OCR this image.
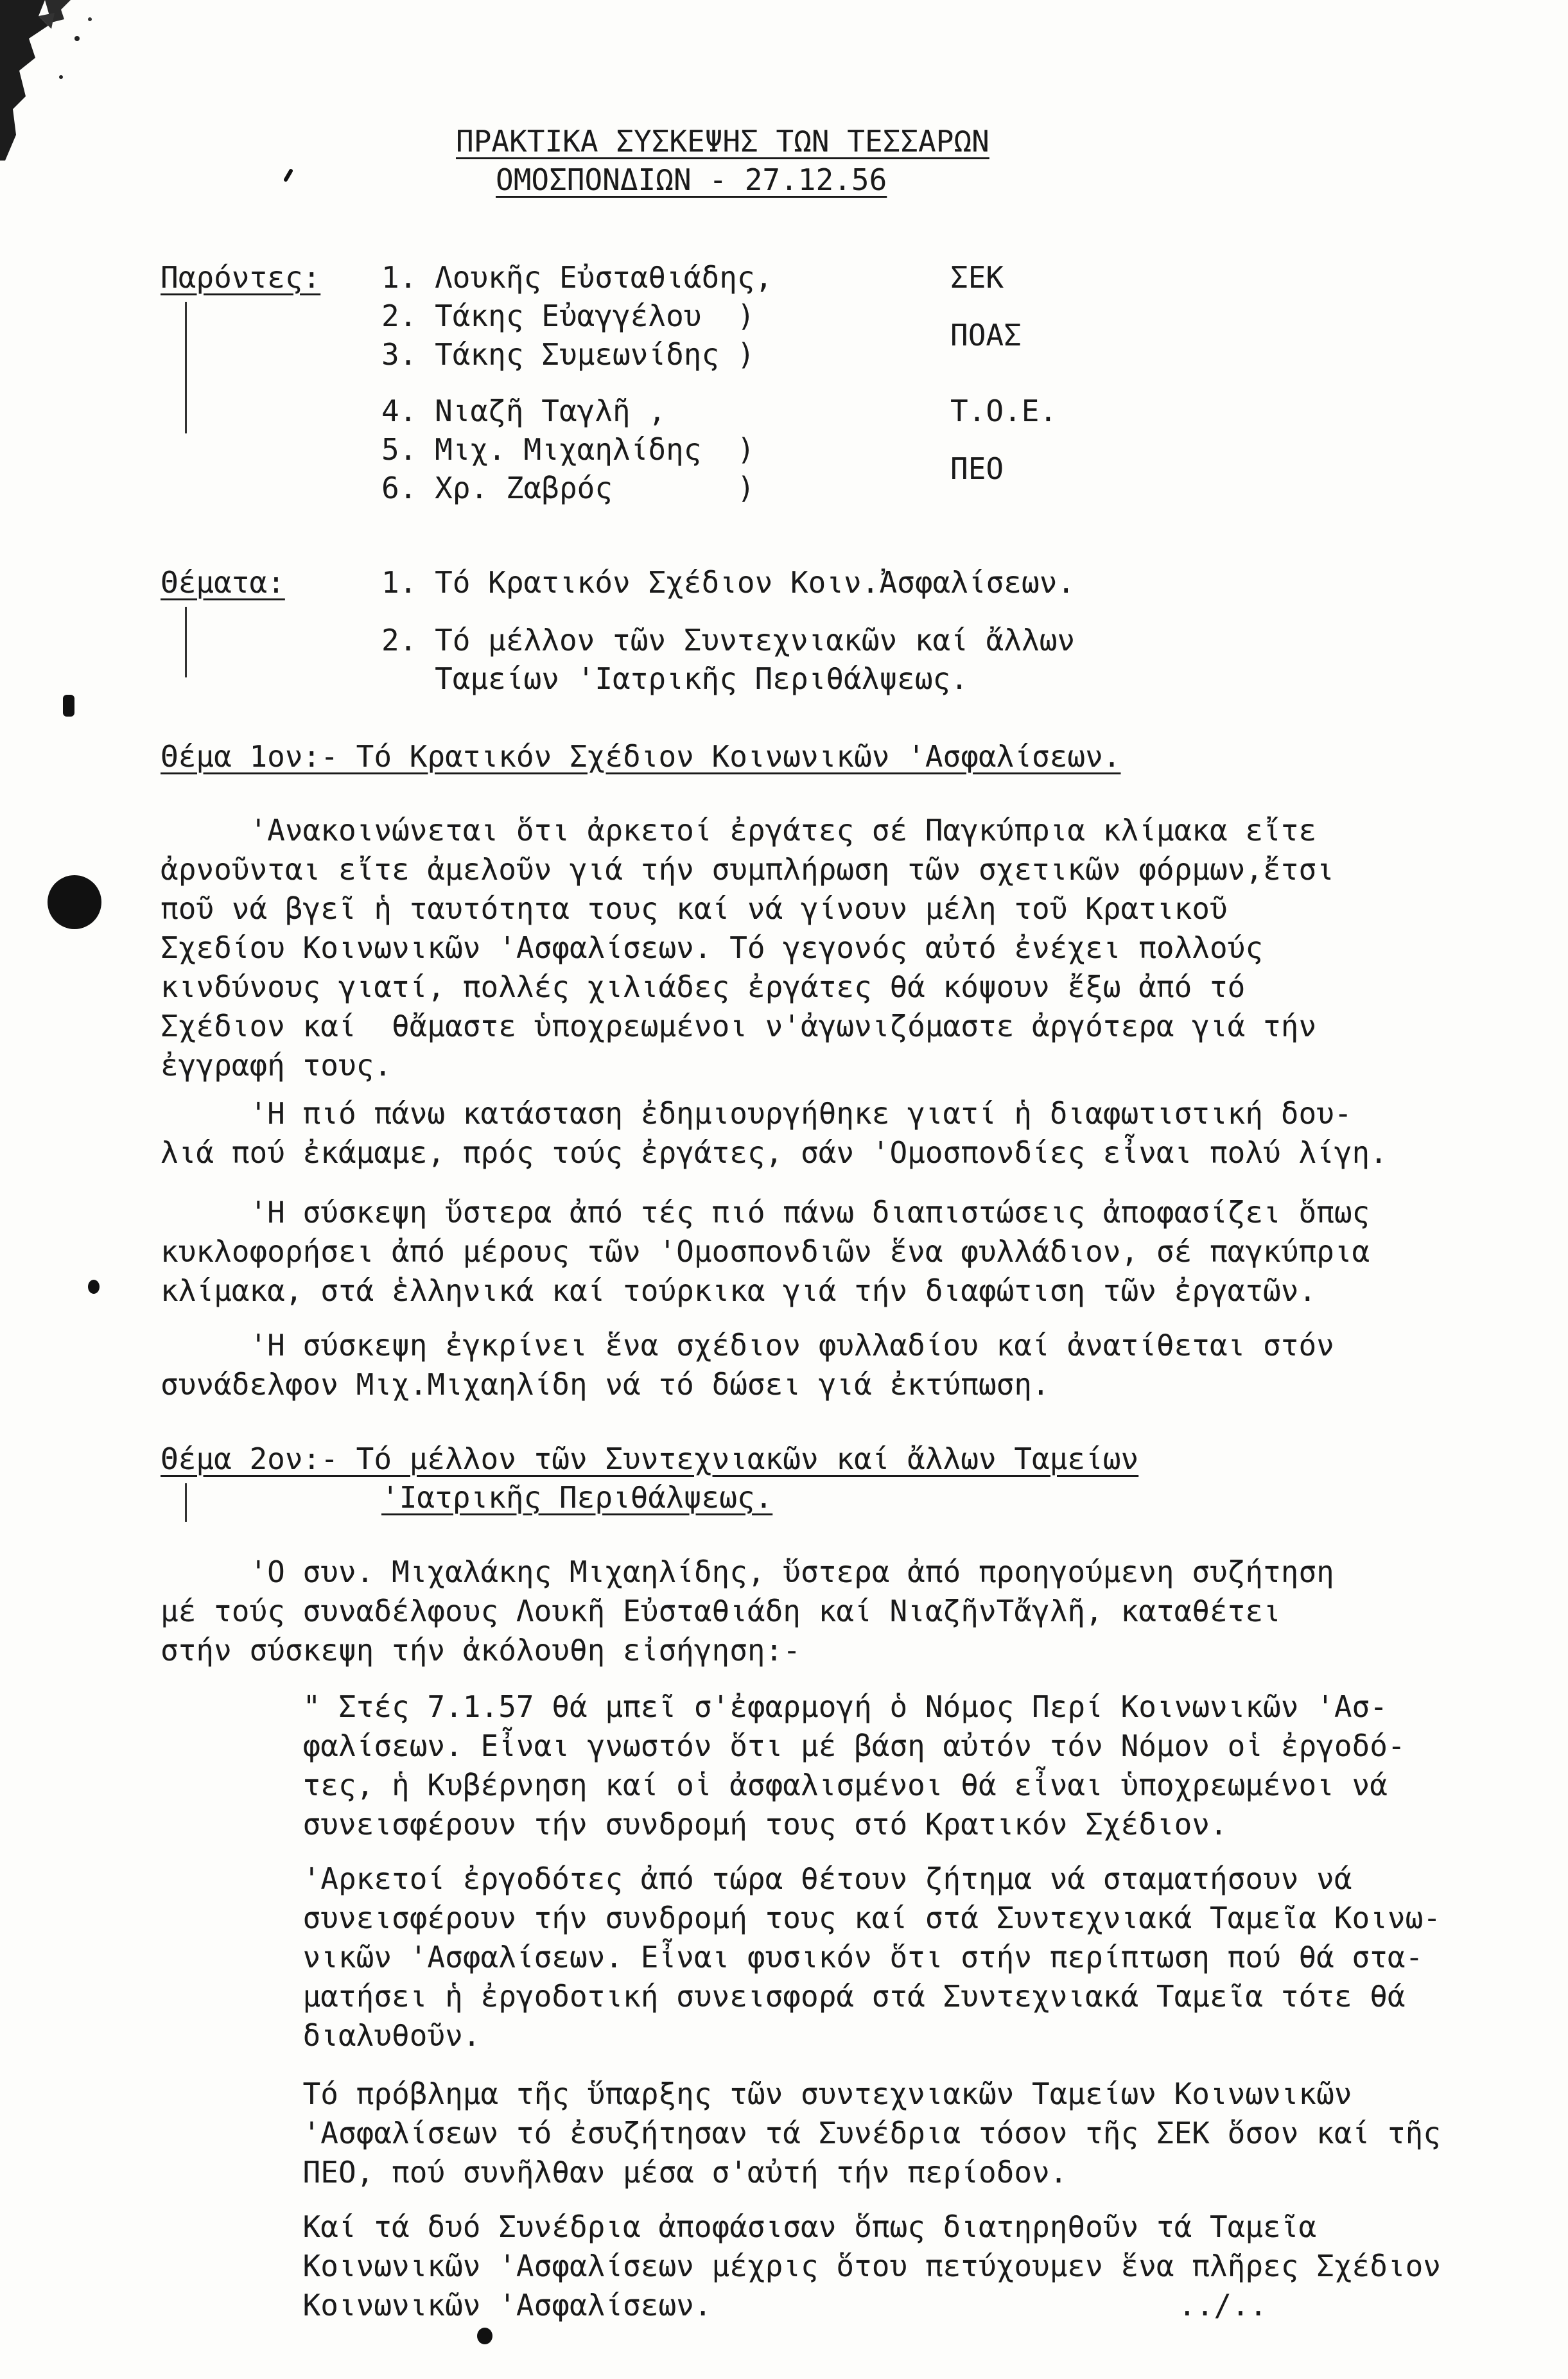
ΠΡΑΚΤΙΚΑ ΣΥΣΚΕΨΗΣ ΤΩΝ ΤΕΣΣΑΡΩΝ
ΟΜΟΣΠΟΝΔΙΩΝ - 27.12.56
Παρόντες: 1. Λουκῆς Εὐσταθιάδης,
2. Τάκης Εὐαγγέλου  )
3. Τάκης Συμεωνίδης )
4. Νιαζῆ Ταγλῆ ,
5. Μιχ. Μιχαηλίδης  )
6. Χρ. Ζαβρός       )
ΣΕΚ
ΠΟΑΣ
Τ.Ο.Ε.
ΠΕΟ
Θέματα:	1. Τό Κρατικόν Σχέδιον Κοιν.Ἀσφαλίσεων.
2. Τό μέλλον τῶν Συντεχνιακῶν καί ἄλλων
Ταμείων 'Ιατρικῆς Περιθάλψεως.
Θέμα 1ον:- Τό Κρατικόν Σχέδιον Κοινωνικῶν 'Ασφαλίσεων.
'Ανακοινώνεται ὅτι ἀρκετοί ἐργάτες σέ Παγκύπρια κλίμακα εἴτε
ἀρνοῦνται εἴτε ἀμελοῦν γιά τήν συμπλήρωση τῶν σχετικῶν φόρμων,ἔτσι
ποῦ νά βγεῖ ἡ ταυτότητα τους καί νά γίνουν μέλη τοῦ Κρατικοῦ
Σχεδίου Κοινωνικῶν 'Ασφαλίσεων. Τό γεγονός αὐτό ἐνέχει πολλούς
κινδύνους γιατί, πολλές χιλιάδες ἐργάτες θά κόψουν ἔξω ἀπό τό
Σχέδιον καί  θἄμαστε ὑποχρεωμένοι ν'ἀγωνιζόμαστε ἀργότερα γιά τήν
ἐγγραφή τους.
'Η πιό πάνω κατάσταση ἐδημιουργήθηκε γιατί ἡ διαφωτιστική δου-
λιά πού ἐκάμαμε, πρός τούς ἐργάτες, σάν 'Ομοσπονδίες εἶναι πολύ λίγη.
'Η σύσκεψη ὕστερα ἀπό τές πιό πάνω διαπιστώσεις ἀποφασίζει ὅπως
κυκλοφορήσει ἀπό μέρους τῶν 'Ομοσπονδιῶν ἕνα φυλλάδιον, σέ παγκύπρια
κλίμακα, στά ἑλληνικά καί τούρκικα γιά τήν διαφώτιση τῶν ἐργατῶν.
'Η σύσκεψη ἐγκρίνει ἕνα σχέδιον φυλλαδίου καί ἀνατίθεται στόν
συνάδελφον Μιχ.Μιχαηλίδη νά τό δώσει γιά ἐκτύπωση.
Θέμα 2ον:- Τό μέλλον τῶν Συντεχνιακῶν καί ἄλλων Ταμείων
'Ιατρικῆς Περιθάλψεως.
'Ο συν. Μιχαλάκης Μιχαηλίδης, ὕστερα ἀπό προηγούμενη συζήτηση
μέ τούς συναδέλφους Λουκῆ Εὐσταθιάδη καί ΝιαζῆνΤἄγλῆ, καταθέτει
στήν σύσκεψη τήν ἀκόλουθη εἰσήγηση:-
" Στές 7.1.57 θά μπεῖ σ'ἐφαρμογή ὁ Νόμος Περί Κοινωνικῶν 'Ασ-
φαλίσεων. Εἶναι γνωστόν ὅτι μέ βάση αὐτόν τόν Νόμον οἱ ἐργοδό-
τες, ἡ Κυβέρνηση καί οἱ ἀσφαλισμένοι θά εἶναι ὑποχρεωμένοι νά
συνεισφέρουν τήν συνδρομή τους στό Κρατικόν Σχέδιον.
'Αρκετοί ἐργοδότες ἀπό τώρα θέτουν ζήτημα νά σταματήσουν νά
συνεισφέρουν τήν συνδρομή τους καί στά Συντεχνιακά Ταμεῖα Κοινω-
νικῶν 'Ασφαλίσεων. Εἶναι φυσικόν ὅτι στήν περίπτωση πού θά στα-
ματήσει ἡ ἐργοδοτική συνεισφορά στά Συντεχνιακά Ταμεῖα τότε θά
διαλυθοῦν.
Τό πρόβλημα τῆς ὕπαρξης τῶν συντεχνιακῶν Ταμείων Κοινωνικῶν
'Ασφαλίσεων τό ἐσυζήτησαν τά Συνέδρια τόσον τῆς ΣΕΚ ὅσον καί τῆς
ΠΕΟ, πού συνῆλθαν μέσα σ'αὐτή τήν περίοδον.
Καί τά δυό Συνέδρια ἀποφάσισαν ὅπως διατηρηθοῦν τά Ταμεῖα
Κοινωνικῶν 'Ασφαλίσεων μέχρις ὅτου πετύχουμεν ἕνα πλῆρες Σχέδιον
Κοινωνικῶν 'Ασφαλίσεων.	../..
